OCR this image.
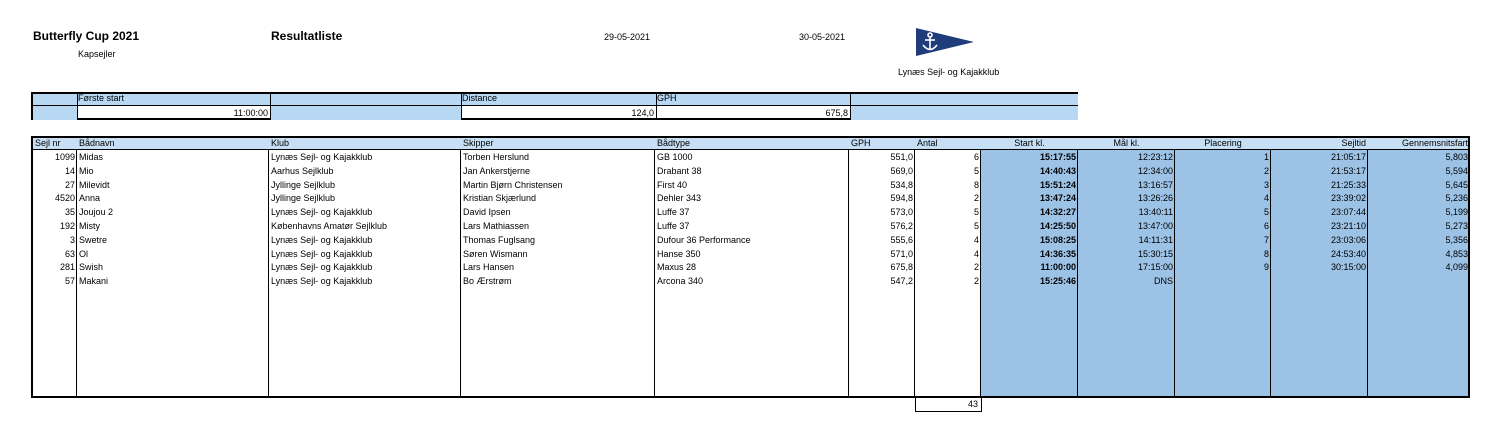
Butterfly Cup 2021
Kapsejler
Resultatliste	29-05-2021	30-05-2021
Lynæs Sejl- og Kajakklub
Første start	Distance	GPH
11:00:00	124,0	675,8
Sejl nr	Bådnavn	Klub	Skipper	Bådtype	GPH	Antal	Start kl.	Mål kl.	Placering	Sejltid	Gennemsnitsfart
1099 Midas	Lynæs Sejl- og Kajakklub	Torben Herslund	GB 1000	551,0	6	15:17:55	12:23:12	1	21:05:17	5,803
14 Mio	Aarhus Sejlklub	Jan Ankerstjerne	Drabant 38	569,0	5	14:40:43	12:34:00	2	21:53:17	5,594
27 Milevidt	Jyllinge Sejlklub	Martin Bjørn Christensen	First 40	534,8	8	15:51:24	13:16:57	3	21:25:33	5,645
4520 Anna	Jyllinge Sejlklub	Kristian Skjærlund	Dehler 343	594,8	2	13:47:24	13:26:26	4	23:39:02	5,236
35 Joujou 2	Lynæs Sejl- og Kajakklub	David Ipsen	Luffe 37	573,0	5	14:32:27	13:40:11	5	23:07:44	5,199
192 Misty	Københavns Amatør Sejlklub	Lars Mathiassen	Luffe 37	576,2	5	14:25:50	13:47:00	6	23:21:10	5,273
3 Swetre	Lynæs Sejl- og Kajakklub	Thomas Fuglsang	Dufour 36 Performance	555,6	4	15:08:25	14:11:31	7	23:03:06	5,356
63 Ol	Lynæs Sejl- og Kajakklub	Søren Wismann	Hanse 350	571,0	4	14:36:35	15:30:15	8	24:53:40	4,853
281 Swish	Lynæs Sejl- og Kajakklub	Lars Hansen	Maxus 28	675,8	2	11:00:00	17:15:00	9	30:15:00	4,099
57 Makani	Lynæs Sejl- og Kajakklub	Bo Ærstrøm	Arcona 340	547,2	2	15:25:46	DNS
43
